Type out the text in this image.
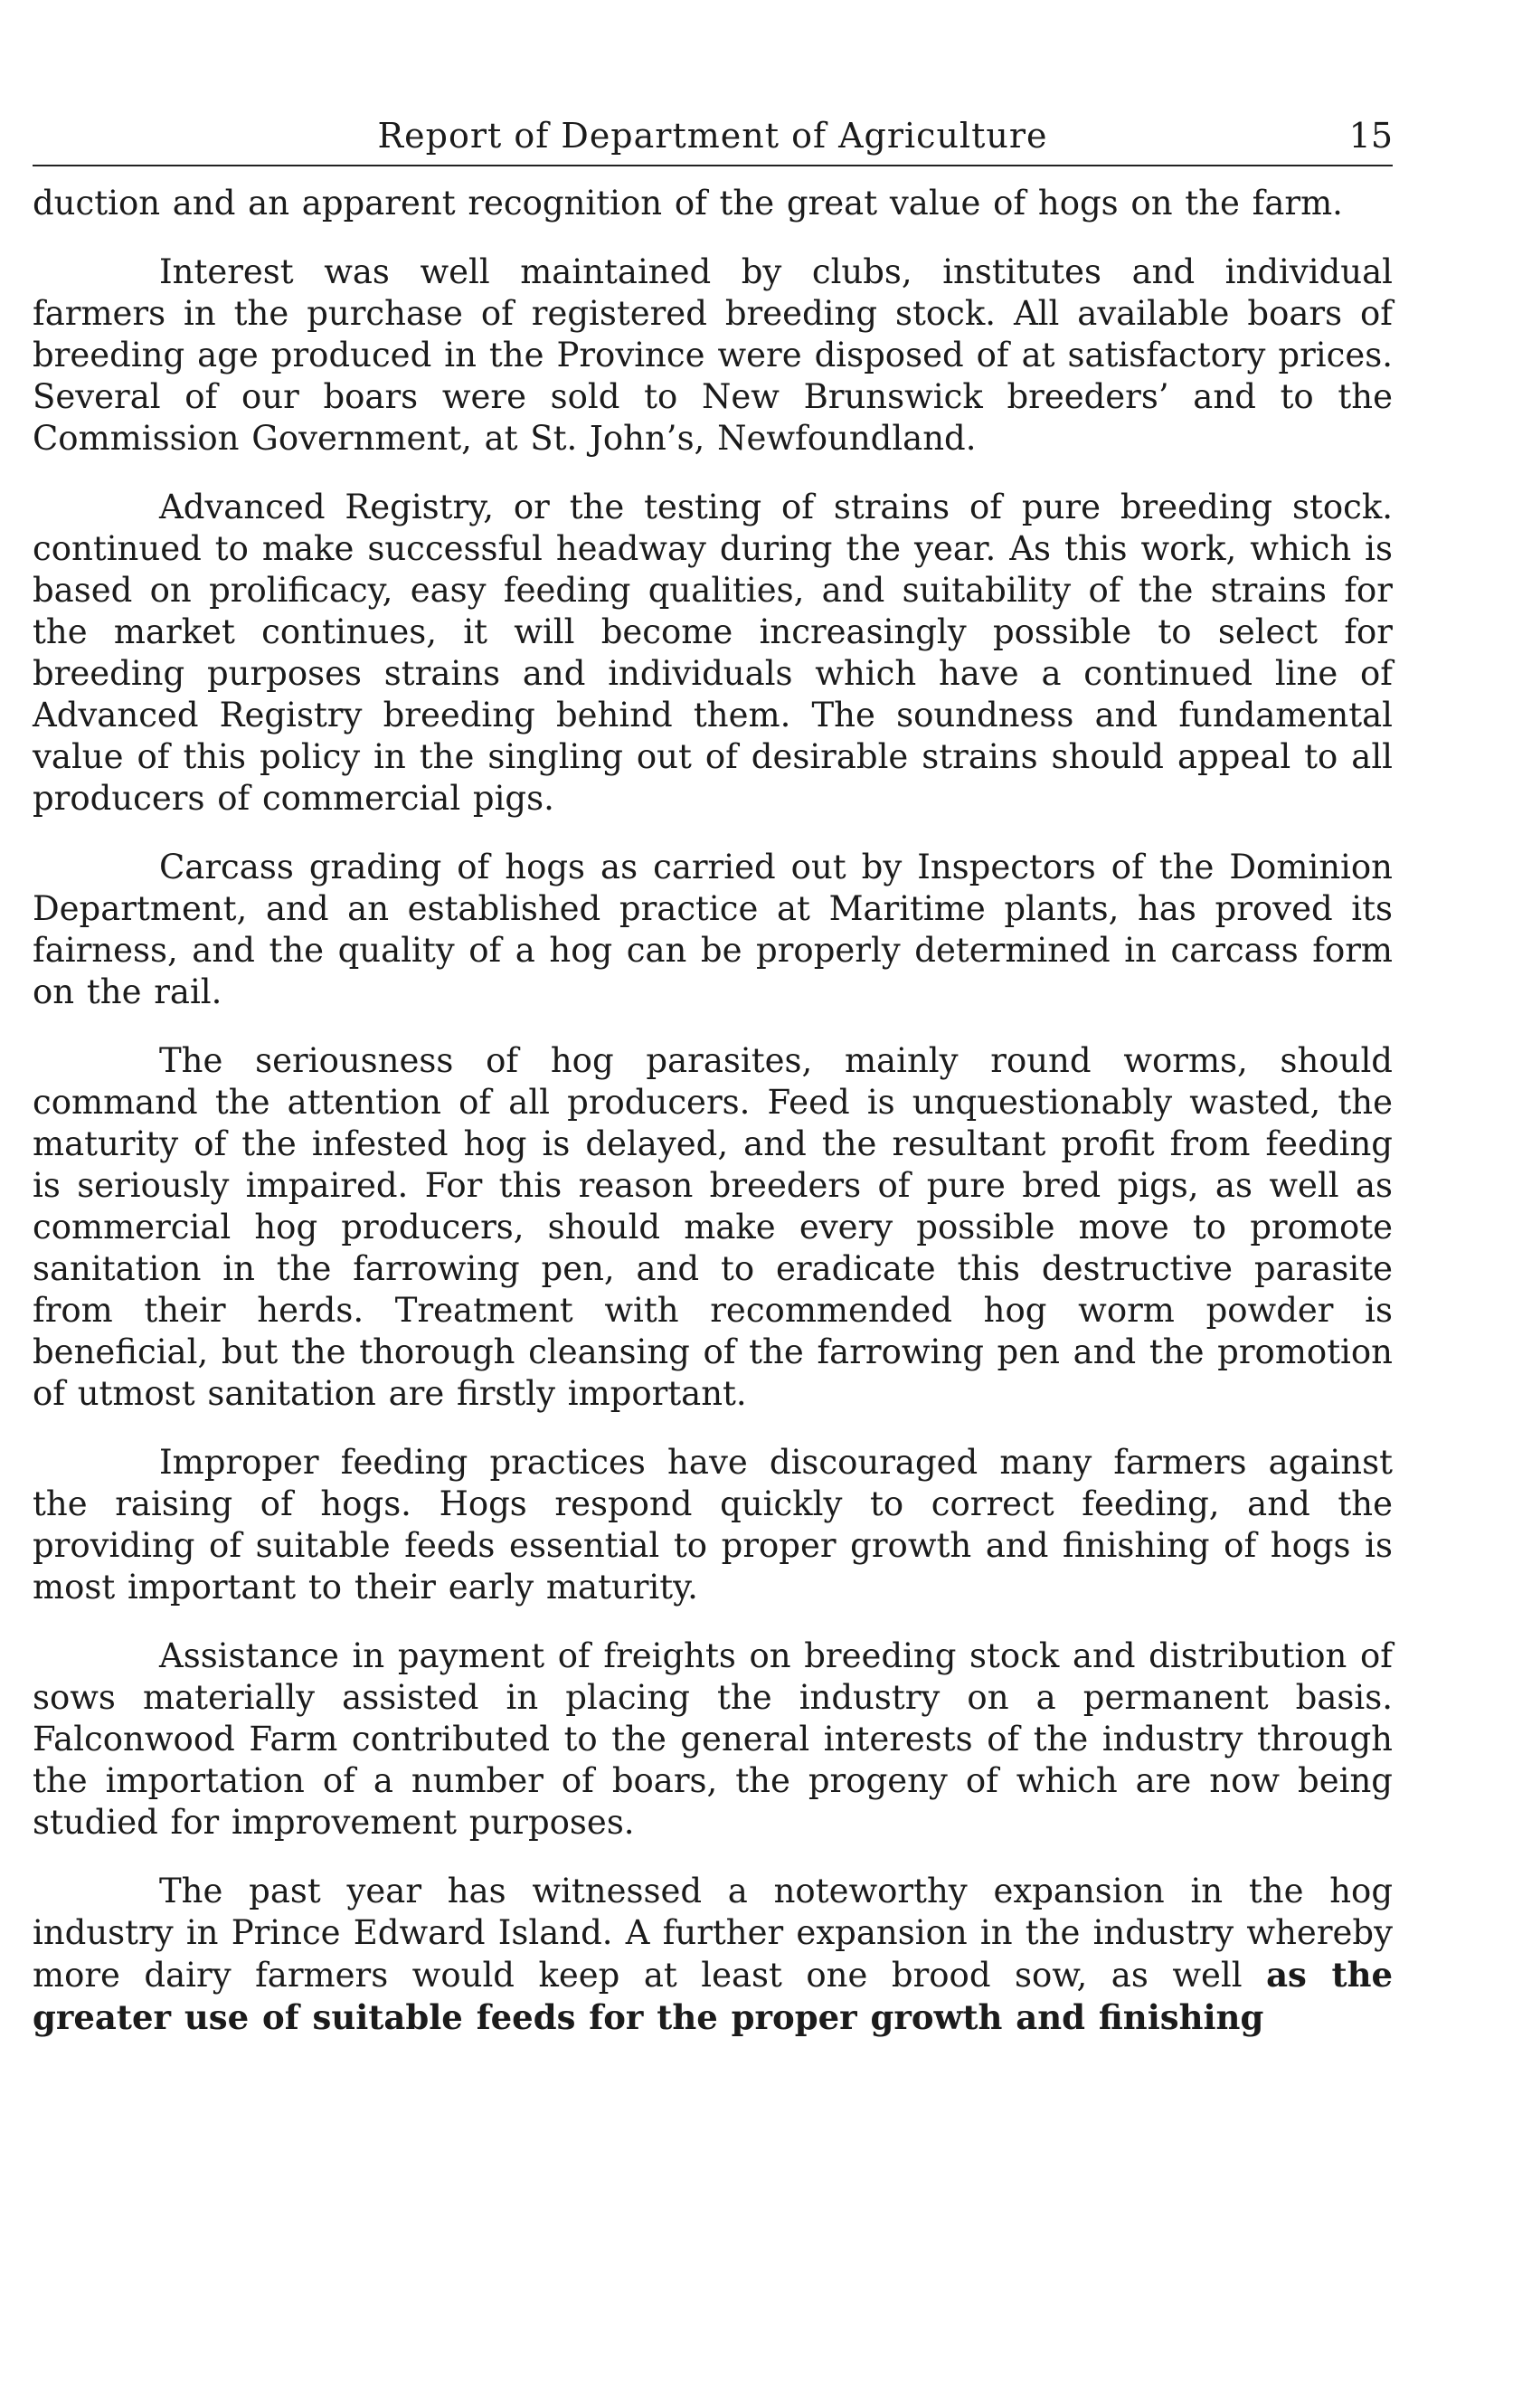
Report of Department of Agriculture	15

duction and an apparent recognition of the great value of hogs on the farm.

Interest was well maintained by clubs, institutes and individual farmers in the purchase of registered breeding stock. All available boars of breeding age produced in the Province were disposed of at satisfactory prices. Several of our boars were sold to New Brunswick breeders’ and to the Commission Government, at St. John’s, Newfoundland.

Advanced Registry, or the testing of strains of pure breeding stock. continued to make successful headway during the year. As this work, which is based on prolificacy, easy feeding qualities, and suitability of the strains for the market continues, it will become increasingly possible to select for breeding purposes strains and individuals which have a continued line of Advanced Registry breeding behind them. The soundness and fundamental value of this policy in the singling out of desirable strains should appeal to all producers of commercial pigs.

Carcass grading of hogs as carried out by Inspectors of the Dominion Department, and an established practice at Maritime plants, has proved its fairness, and the quality of a hog can be properly determined in carcass form on the rail.

The seriousness of hog parasites, mainly round worms, should command the attention of all producers. Feed is unquestionably wasted, the maturity of the infested hog is delayed, and the resultant profit from feeding is seriously impaired. For this reason breeders of pure bred pigs, as well as commercial hog producers, should make every possible move to promote sanitation in the farrowing pen, and to eradicate this destructive parasite from their herds. Treatment with recommended hog worm powder is beneficial, but the thorough cleansing of the farrowing pen and the promotion of utmost sanitation are firstly important.

Improper feeding practices have discouraged many farmers against the raising of hogs. Hogs respond quickly to correct feeding, and the providing of suitable feeds essential to proper growth and finishing of hogs is most important to their early maturity.

Assistance in payment of freights on breeding stock and distribution of sows materially assisted in placing the industry on a permanent basis. Falconwood Farm contributed to the general interests of the industry through the importation of a number of boars, the progeny of which are now being studied for improvement purposes.

The past year has witnessed a noteworthy expansion in the hog industry in Prince Edward Island. A further expansion in the industry whereby more dairy farmers would keep at least one brood sow, as well as the greater use of suitable feeds for the proper growth and finishing
